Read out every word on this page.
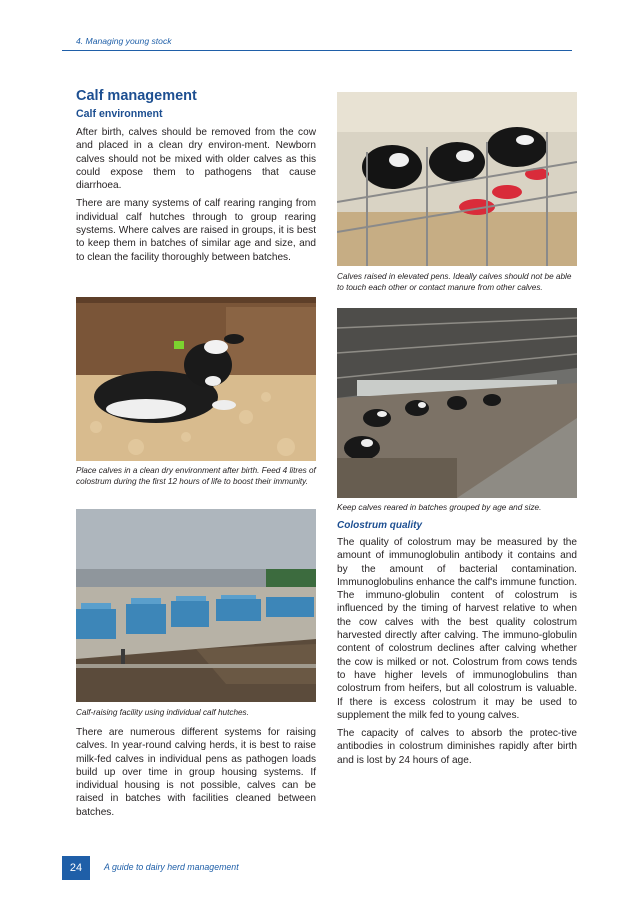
4. Managing young stock
Calf management
Calf environment

After birth, calves should be removed from the cow and placed in a clean dry environ-ment. Newborn calves should not be mixed with older calves as this could expose them to pathogens that cause diarrhoea.

There are many systems of calf rearing ranging from individual calf hutches through to group rearing systems. Where calves are raised in groups, it is best to keep them in batches of similar age and size, and to clean the facility thoroughly between batches.

Place calves in a clean dry environment after birth. Feed 4 litres of colostrum during the first 12 hours of life to boost their immunity.

Calf-raising facility using individual calf hutches.

There are numerous different systems for raising calves. In year-round calving herds, it is best to raise milk-fed calves in individual pens as pathogen loads build up over time in group housing systems. If individual housing is not possible, calves can be raised in batches with facilities cleaned between batches.

Calves raised in elevated pens. Ideally calves should not be able to touch each other or contact manure from other calves.

Keep calves reared in batches grouped by age and size.

Colostrum quality

The quality of colostrum may be measured by the amount of immunoglobulin antibody it contains and by the amount of bacterial contamination. Immunoglobulins enhance the calf's immune function. The immuno-globulin content of colostrum is influenced by the timing of harvest relative to when the cow calves with the best quality colostrum harvested directly after calving. The immuno-globulin content of colostrum declines after calving whether the cow is milked or not. Colostrum from cows tends to have higher levels of immunoglobulins than colostrum from heifers, but all colostrum is valuable. If there is excess colostrum it may be used to supplement the milk fed to young calves.

The capacity of calves to absorb the protec-tive antibodies in colostrum diminishes rapidly after birth and is lost by 24 hours of age.

24	A guide to dairy herd management
